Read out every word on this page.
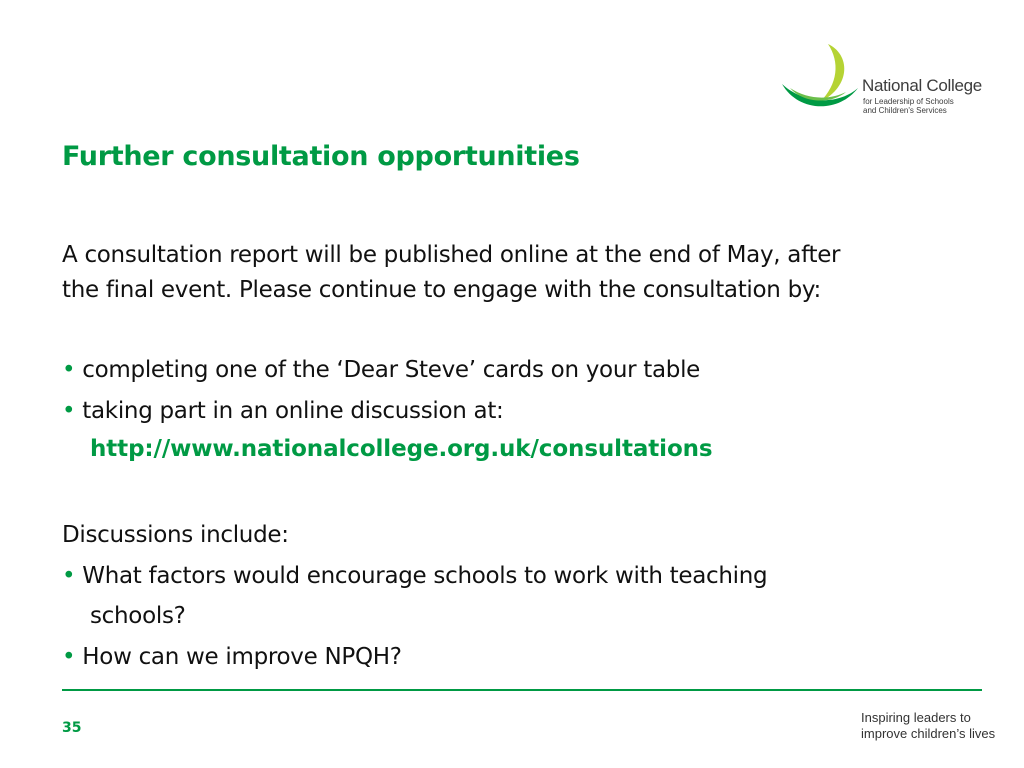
National College
for Leadership of Schools
and Children's Services
Further consultation opportunities
A consultation report will be published online at the end of May, after
the final event. Please continue to engage with the consultation by:
• completing one of the ‘Dear Steve’ cards on your table
• taking part in an online discussion at:
http://www.nationalcollege.org.uk/consultations
Discussions include:
• What factors would encourage schools to work with teaching
schools?
• How can we improve NPQH?
35
Inspiring leaders to
improve children’s lives
